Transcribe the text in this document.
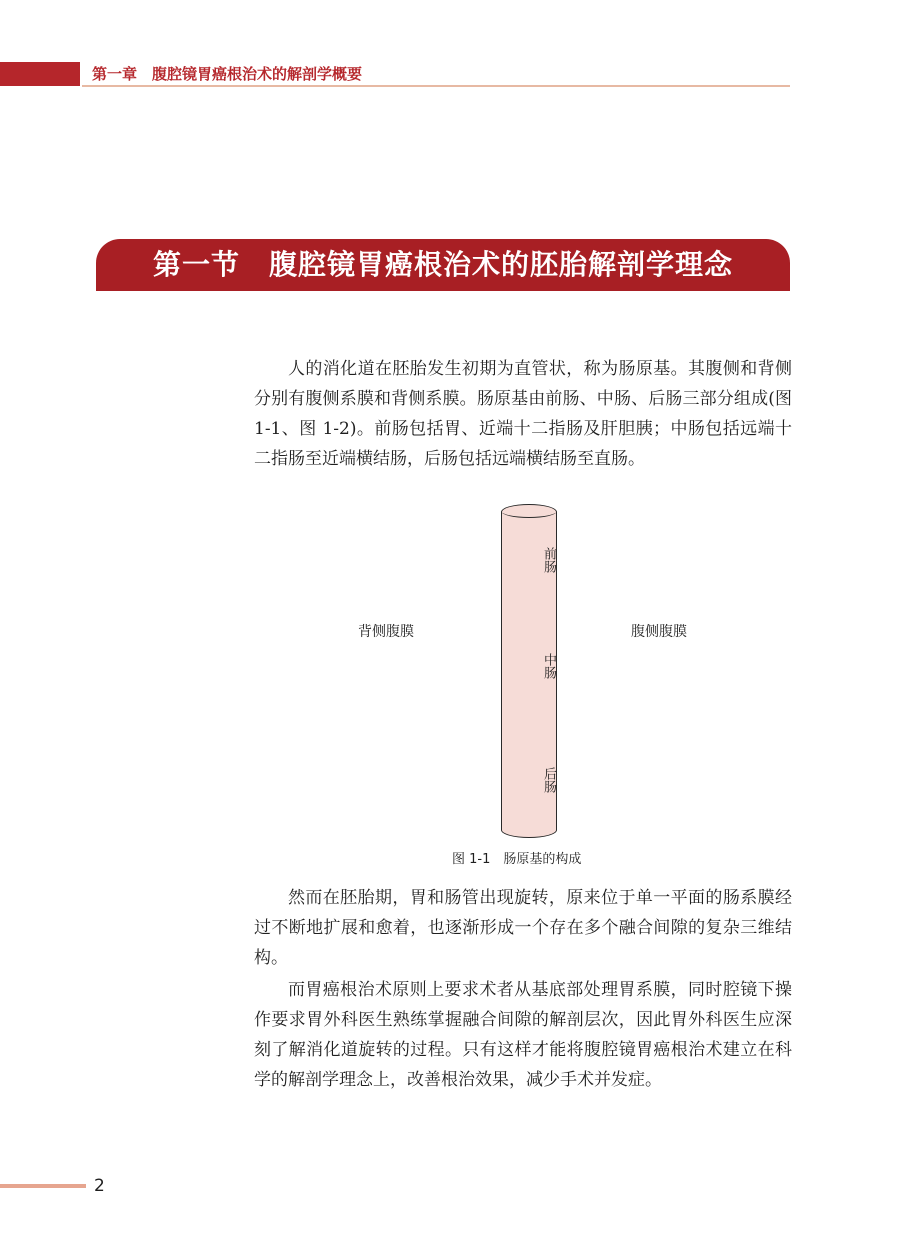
第一章　腹腔镜胃癌根治术的解剖学概要
第一节　腹腔镜胃癌根治术的胚胎解剖学理念

人的消化道在胚胎发生初期为直管状，称为肠原基。其腹侧和背侧分别有腹侧系膜和背侧系膜。肠原基由前肠、中肠、后肠三部分组成(图 1-1、图 1-2)。前肠包括胃、近端十二指肠及肝胆胰；中肠包括远端十二指肠至近端横结肠，后肠包括远端横结肠至直肠。

前肠
中肠
后肠
背侧腹膜	腹侧腹膜
图 1-1　肠原基的构成

然而在胚胎期，胃和肠管出现旋转，原来位于单一平面的肠系膜经过不断地扩展和愈着，也逐渐形成一个存在多个融合间隙的复杂三维结构。

而胃癌根治术原则上要求术者从基底部处理胃系膜，同时腔镜下操作要求胃外科医生熟练掌握融合间隙的解剖层次，因此胃外科医生应深刻了解消化道旋转的过程。只有这样才能将腹腔镜胃癌根治术建立在科学的解剖学理念上，改善根治效果，减少手术并发症。

2
